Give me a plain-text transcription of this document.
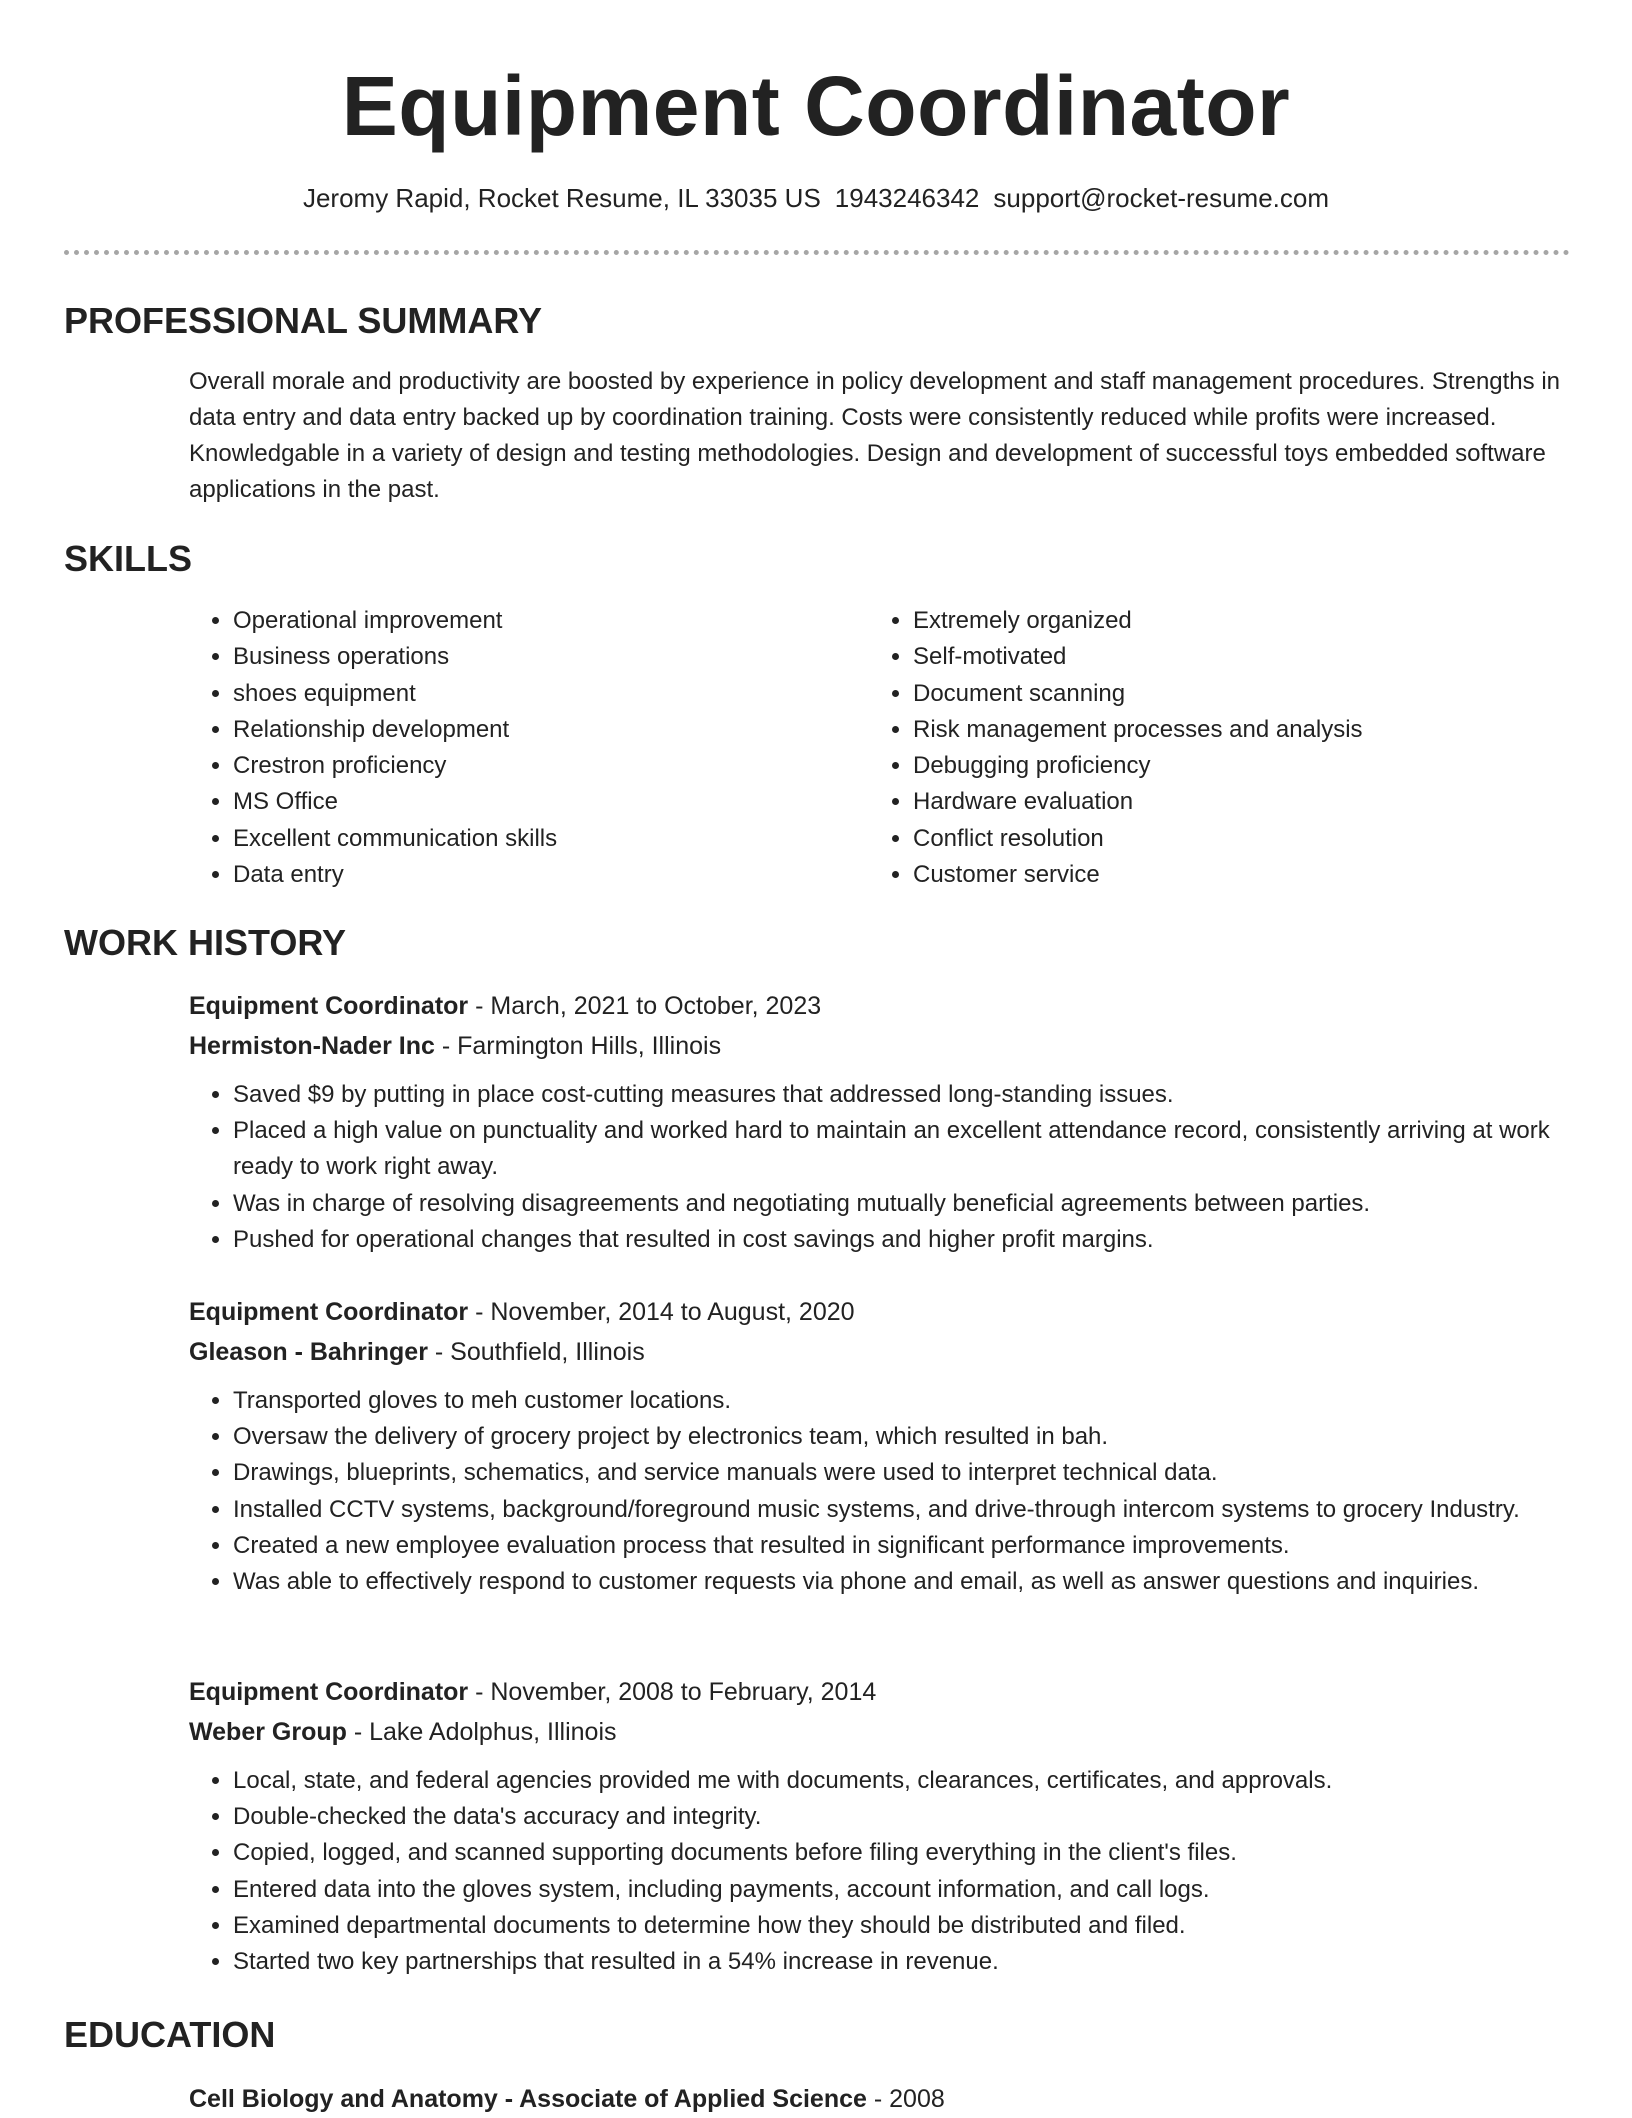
Equipment Coordinator
Jeromy Rapid, Rocket Resume, IL 33035 US 1943246342 support@rocket-resume.com
PROFESSIONAL SUMMARY

Overall morale and productivity are boosted by experience in policy development and staff management procedures. Strengths in data entry and data entry backed up by coordination training. Costs were consistently reduced while profits were increased. Knowledgable in a variety of design and testing methodologies. Design and development of successful toys embedded software applications in the past.

SKILLS
• Operational improvement
• Business operations
• shoes equipment
• Relationship development
• Crestron proficiency
• MS Office
• Excellent communication skills
• Data entry
• Extremely organized
• Self-motivated
• Document scanning
• Risk management processes and analysis
• Debugging proficiency
• Hardware evaluation
• Conflict resolution
• Customer service
WORK HISTORY

Equipment Coordinator - March, 2021 to October, 2023

Hermiston-Nader Inc - Farmington Hills, Illinois

• Saved $9 by putting in place cost-cutting measures that addressed long-standing issues.
• Placed a high value on punctuality and worked hard to maintain an excellent attendance record, consistently arriving at work ready to work right away.
• Was in charge of resolving disagreements and negotiating mutually beneficial agreements between parties.
• Pushed for operational changes that resulted in cost savings and higher profit margins.

Equipment Coordinator - November, 2014 to August, 2020

Gleason - Bahringer - Southfield, Illinois

• Transported gloves to meh customer locations.
• Oversaw the delivery of grocery project by electronics team, which resulted in bah.
• Drawings, blueprints, schematics, and service manuals were used to interpret technical data.
• Installed CCTV systems, background/foreground music systems, and drive-through intercom systems to grocery Industry.
• Created a new employee evaluation process that resulted in significant performance improvements.
• Was able to effectively respond to customer requests via phone and email, as well as answer questions and inquiries.

Equipment Coordinator - November, 2008 to February, 2014

Weber Group - Lake Adolphus, Illinois

• Local, state, and federal agencies provided me with documents, clearances, certificates, and approvals.
• Double-checked the data's accuracy and integrity.
• Copied, logged, and scanned supporting documents before filing everything in the client's files.
• Entered data into the gloves system, including payments, account information, and call logs.
• Examined departmental documents to determine how they should be distributed and filed.
• Started two key partnerships that resulted in a 54% increase in revenue.
EDUCATION
Cell Biology and Anatomy - Associate of Applied Science - 2008
